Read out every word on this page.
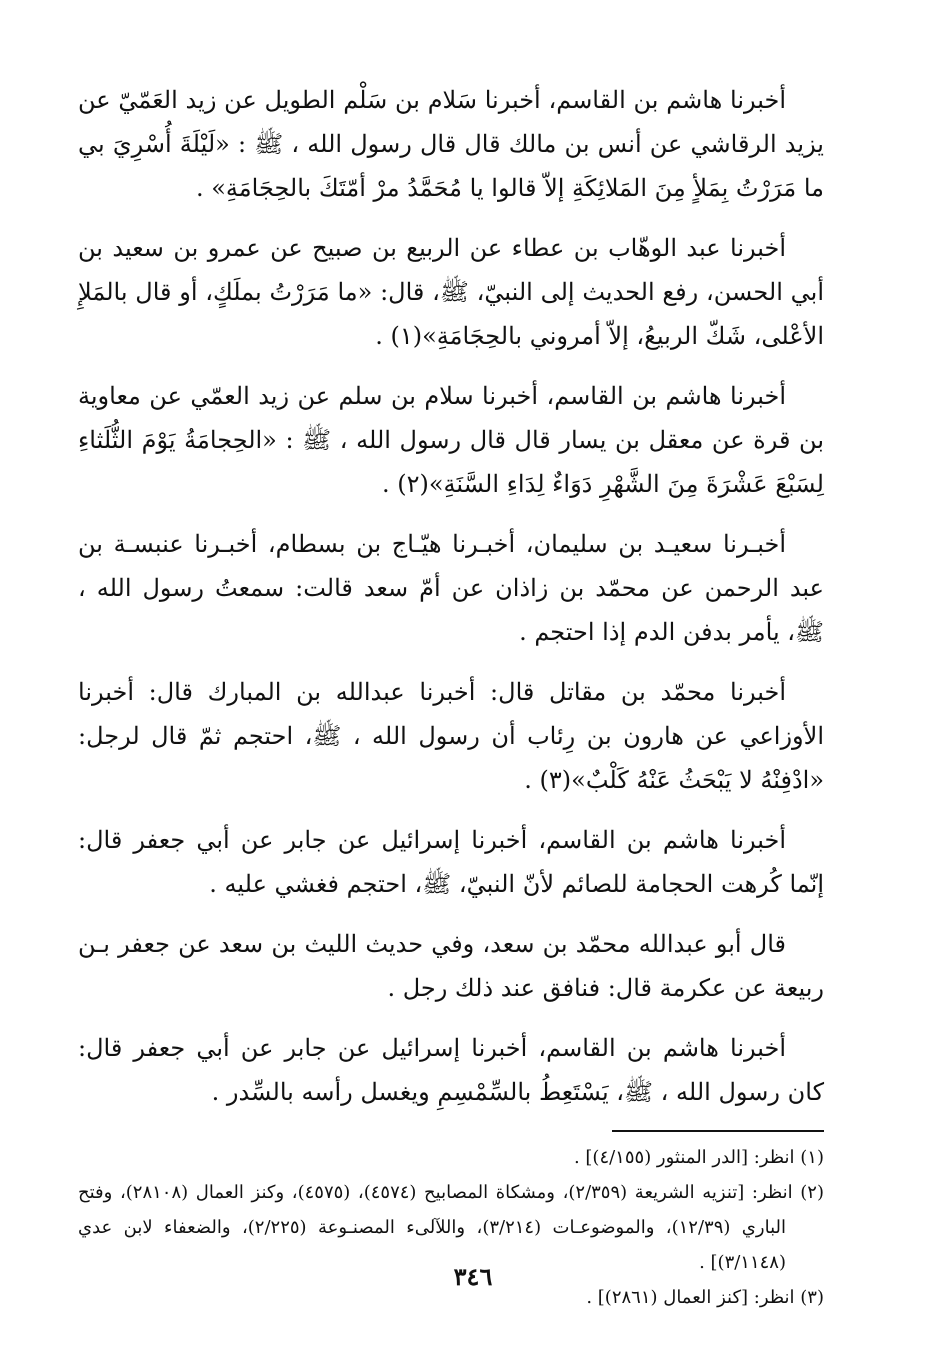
أخبرنا هاشم بن القاسم، أخبرنا سَلام بن سَلْم الطويل عن زيد العَمّيّ عن يزيد الرقاشي عن أنس بن مالك قال قال رسول الله ، ﷺ : «لَيْلَةَ أُسْرِيَ بي ما مَرَرْتُ بِمَلأٍ مِنَ المَلائِكَةِ إلاّ قالوا يا مُحَمَّدُ مرْ أمّتَكَ بالحِجَامَةِ» .

أخبرنا عبد الوهّاب بن عطاء عن الربيع بن صبيح عن عمرو بن سعيد بن أبي الحسن، رفع الحديث إلى النبيّ، ﷺ، قال: «ما مَرَرْتُ بملَكٍ، أو قال بالمَلإِ الأعْلى، شَكّ الربيعُ، إلاّ أمروني بالحِجَامَةِ»(١) .

أخبرنا هاشم بن القاسم، أخبرنا سلام بن سلم عن زيد العمّي عن معاوية بن قرة عن معقل بن يسار قال قال رسول الله ، ﷺ : «الحِجامَةُ يَوْمَ الثُّلَثاءِ لِسَبْعَ عَشْرَةَ مِنَ الشَّهْرِ دَوَاءٌ لِدَاءِ السَّنَةِ»(٢) .

أخبـرنا سعيـد بن سليمان، أخبـرنا هيّـاج بن بسطام، أخبـرنا عنبسـة بن عبد الرحمن عن محمّد بن زاذان عن أمّ سعد قالت: سمعتُ رسول الله ، ﷺ، يأمر بدفن الدم إذا احتجم .

أخبرنا محمّد بن مقاتل قال: أخبرنا عبدالله بن المبارك قال: أخبرنا الأوزاعي عن هارون بن رِئاب أن رسول الله ، ﷺ، احتجم ثمّ قال لرجل: «ادْفِنْهُ لا يَبْحَثُ عَنْهُ كَلْبٌ»(٣) .

أخبرنا هاشم بن القاسم، أخبرنا إسرائيل عن جابر عن أبي جعفر قال: إنّما كُرهت الحجامة للصائم لأنّ النبيّ، ﷺ، احتجم فغشي عليه .

قال أبو عبدالله محمّد بن سعد، وفي حديث الليث بن سعد عن جعفر بـن ربيعة عن عكرمة قال: فنافق عند ذلك رجل .

أخبرنا هاشم بن القاسم، أخبرنا إسرائيل عن جابر عن أبي جعفر قال: كان رسول الله ، ﷺ، يَسْتَعِطُ بالسِّمْسِمِ ويغسل رأسه بالسِّدر .

(١) انظر: [الدر المنثور (٤/١٥٥)] .

(٢) انظر: [تنزيه الشريعة (٢/٣٥٩)، ومشكاة المصابيح (٤٥٧٤)، (٤٥٧٥)، وكنز العمال (٢٨١٠٨)، وفتح الباري (١٢/٣٩)، والموضوعـات (٣/٢١٤)، واللآلىء المصنـوعة (٢/٢٢٥)، والضعفاء لابن عدي (٣/١١٤٨)] .

(٣) انظر: [كنز العمال (٢٨٦١)] .

٣٤٦
